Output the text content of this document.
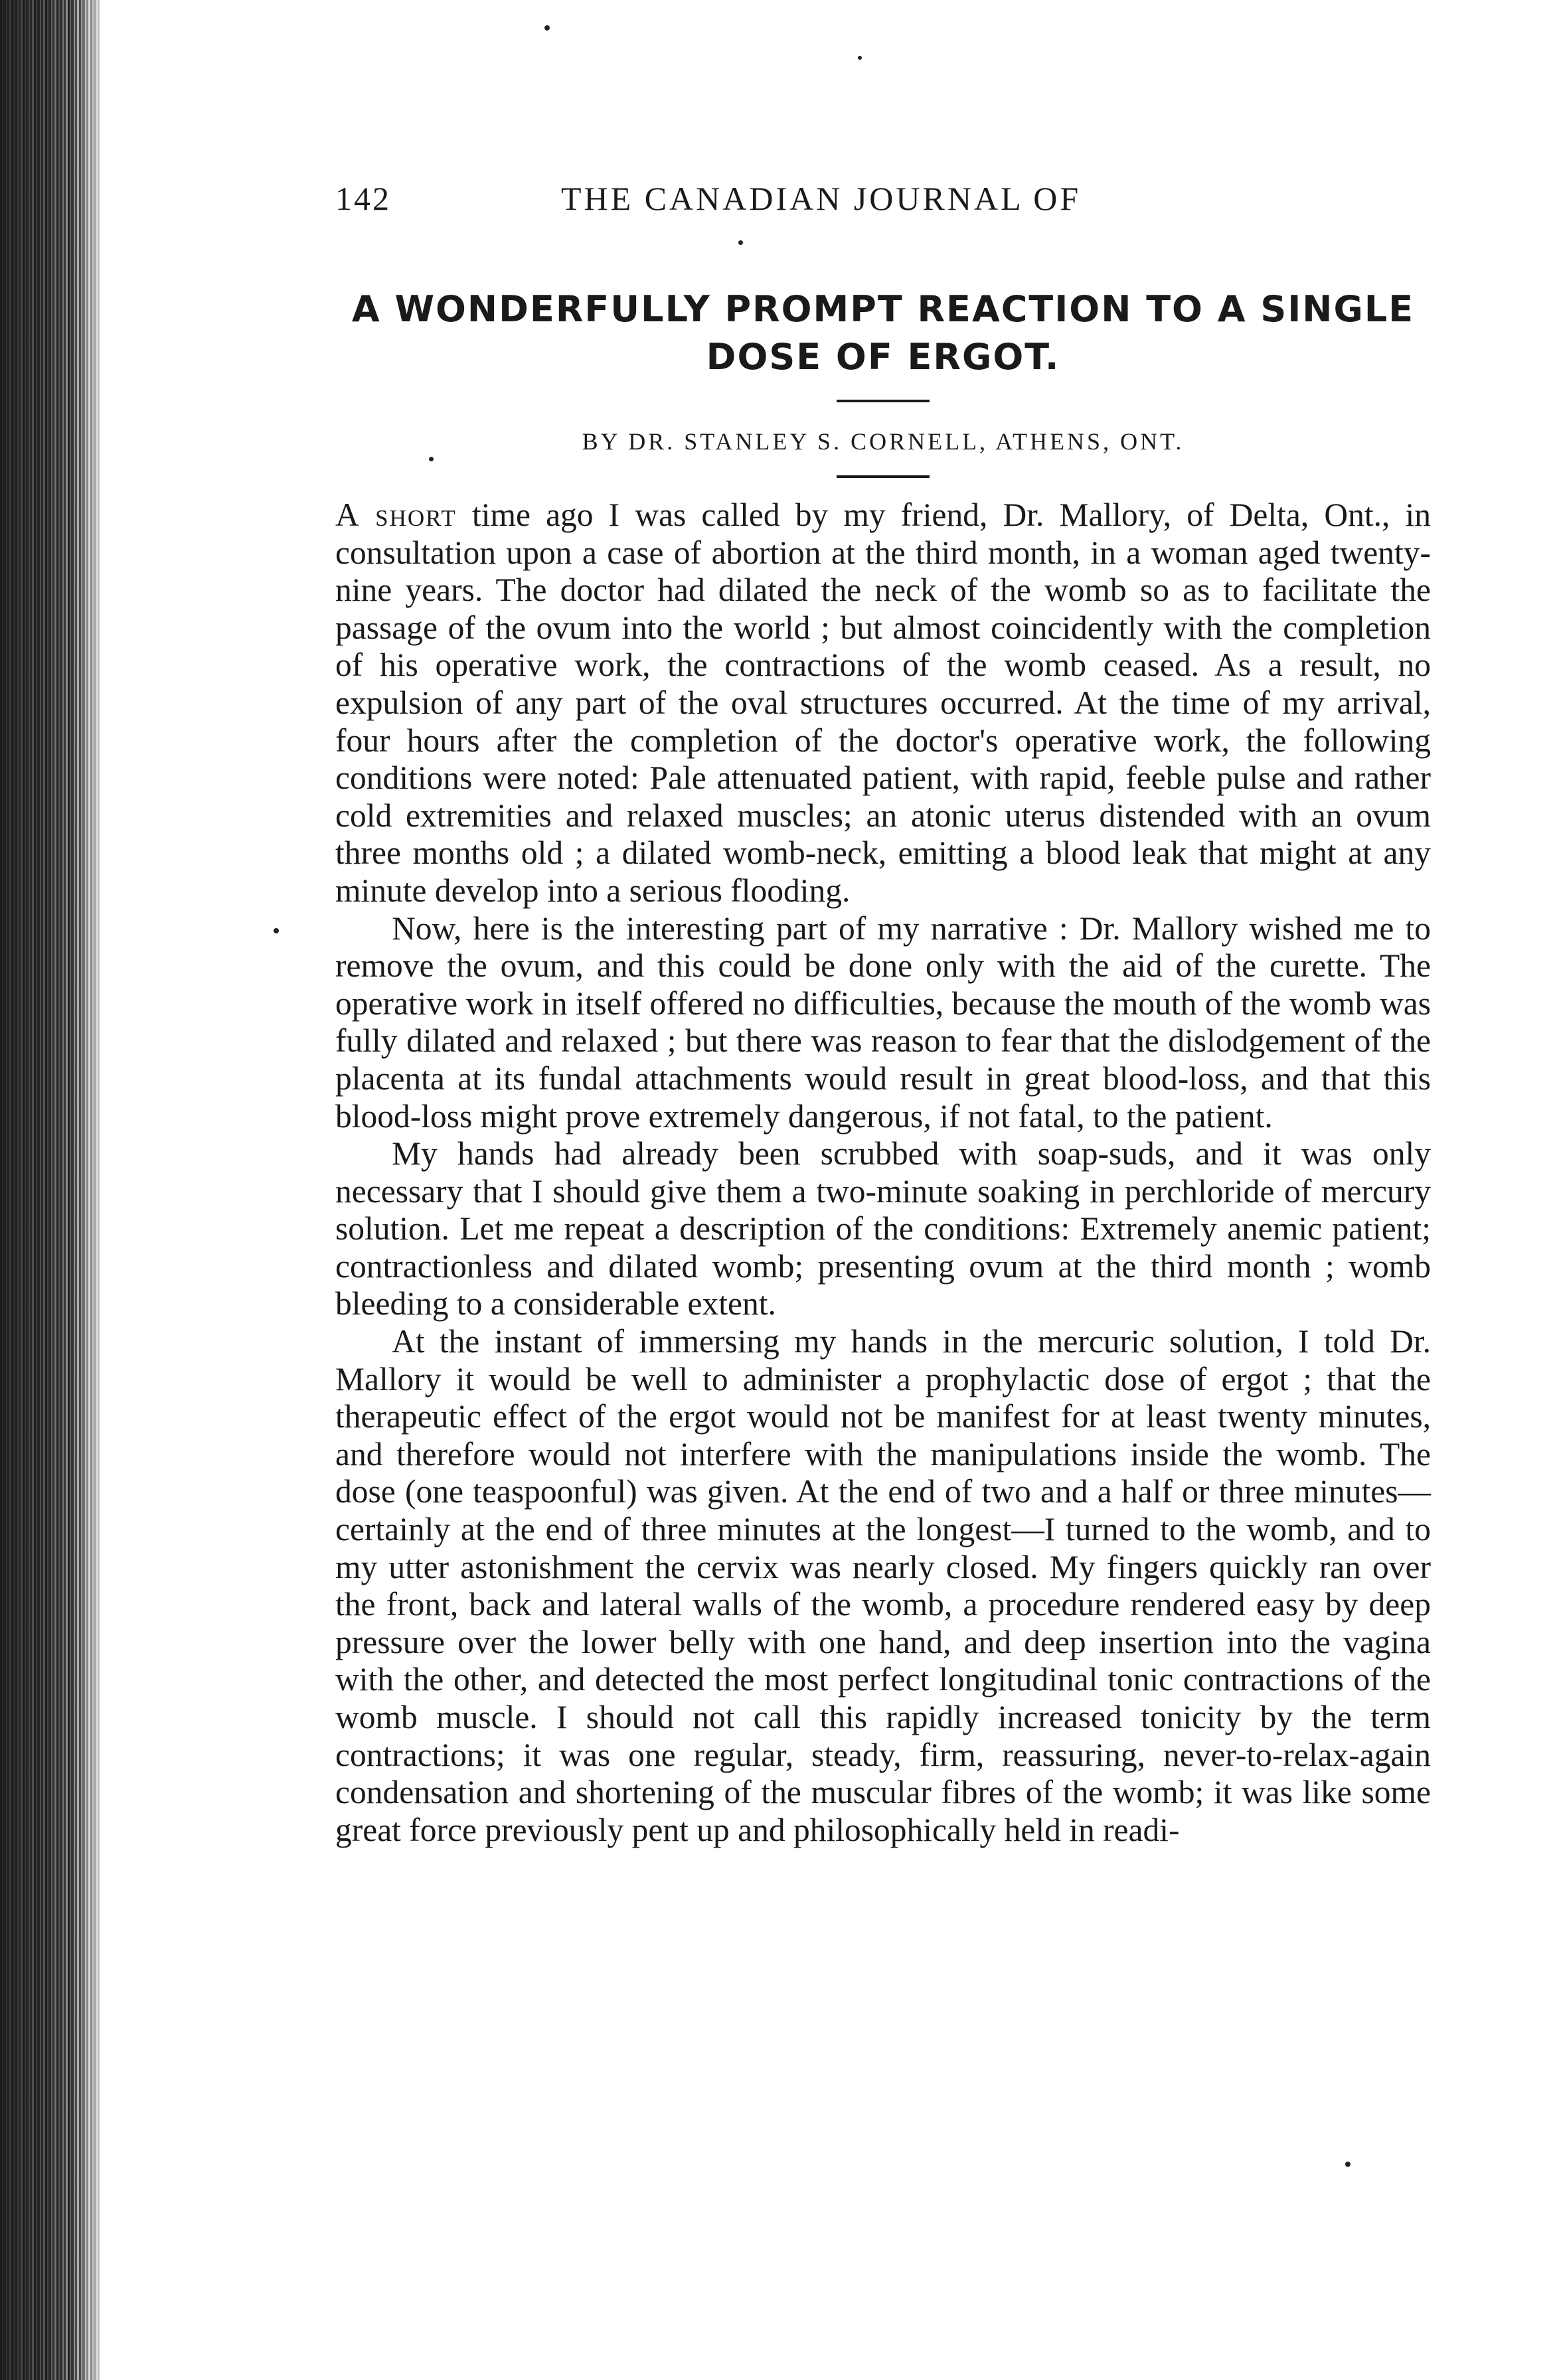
142	THE CANADIAN JOURNAL OF
A WONDERFULLY PROMPT REACTION TO A SINGLE
DOSE OF ERGOT.
BY DR. STANLEY S. CORNELL, ATHENS, ONT.

A short time ago I was called by my friend, Dr. Mallory, of Delta, Ont., in consultation upon a case of abortion at the third month, in a woman aged twenty-nine years. The doctor had dilated the neck of the womb so as to facilitate the passage of the ovum into the world ; but almost coincidently with the completion of his operative work, the contractions of the womb ceased. As a result, no expulsion of any part of the oval structures occurred. At the time of my arrival, four hours after the completion of the doctor's operative work, the following conditions were noted: Pale attenuated patient, with rapid, feeble pulse and rather cold extremities and relaxed muscles; an atonic uterus distended with an ovum three months old ; a dilated womb-neck, emitting a blood leak that might at any minute develop into a serious flooding.

Now, here is the interesting part of my narrative : Dr. Mallory wished me to remove the ovum, and this could be done only with the aid of the curette. The operative work in itself offered no difficulties, because the mouth of the womb was fully dilated and relaxed ; but there was reason to fear that the dislodgement of the placenta at its fundal attachments would result in great blood-loss, and that this blood-loss might prove extremely dangerous, if not fatal, to the patient.

My hands had already been scrubbed with soap-suds, and it was only necessary that I should give them a two-minute soaking in perchloride of mercury solution. Let me repeat a description of the conditions: Extremely anemic patient; contractionless and dilated womb; presenting ovum at the third month ; womb bleeding to a considerable extent.

At the instant of immersing my hands in the mercuric solution, I told Dr. Mallory it would be well to administer a prophylactic dose of ergot ; that the therapeutic effect of the ergot would not be manifest for at least twenty minutes, and therefore would not interfere with the manipulations inside the womb. The dose (one teaspoonful) was given. At the end of two and a half or three minutes—certainly at the end of three minutes at the longest—I turned to the womb, and to my utter astonishment the cervix was nearly closed. My fingers quickly ran over the front, back and lateral walls of the womb, a procedure rendered easy by deep pressure over the lower belly with one hand, and deep insertion into the vagina with the other, and detected the most perfect longitudinal tonic contractions of the womb muscle. I should not call this rapidly increased tonicity by the term contractions; it was one regular, steady, firm, reassuring, never-to-relax-again condensation and shortening of the muscular fibres of the womb; it was like some great force previously pent up and philosophically held in readi-
